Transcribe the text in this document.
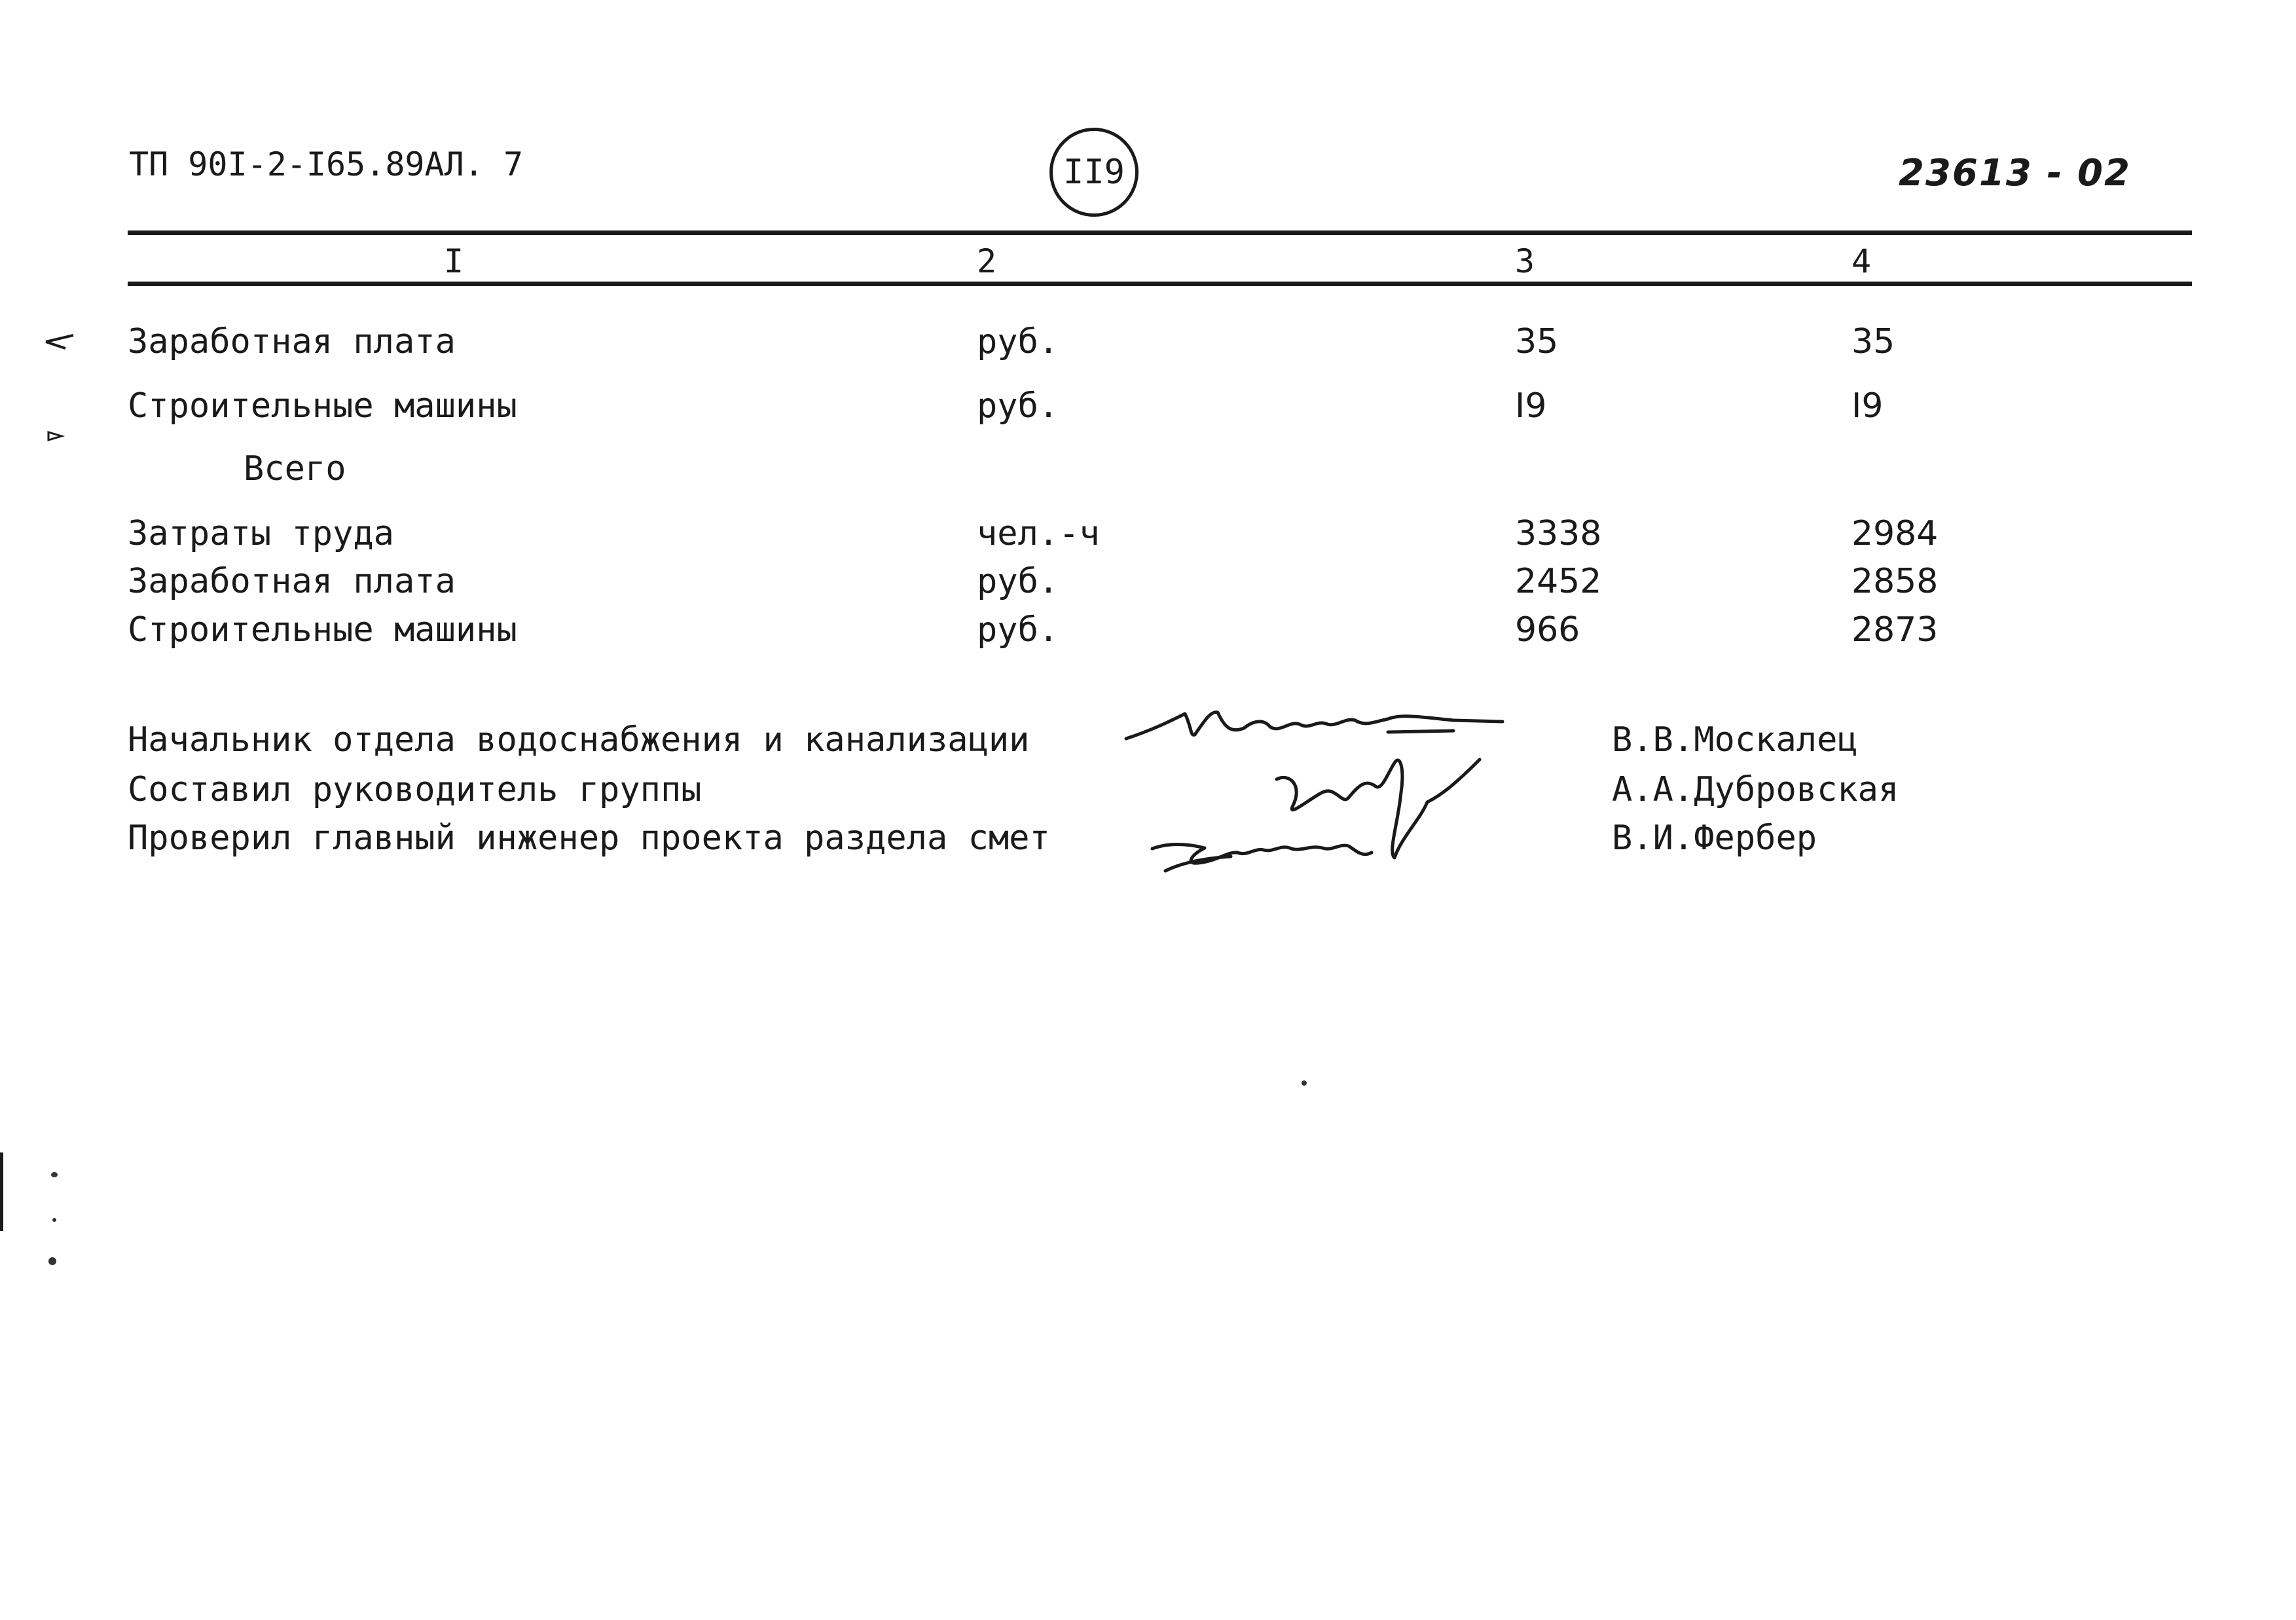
ТП 90I-2-I65.89АЛ. 7	II9	23613 - 02
I	2	3	4
Заработная плата	руб.	35	35
Строительные машины	руб.	I9	I9
Всего
Затраты труда	чел.-ч	3338	2984
Заработная плата	руб.	2452	2858
Строительные машины	руб.	966	2873
Начальник отдела водоснабжения и канализации	В.В.Москалец
Составил руководитель группы	А.А.Дубровская
Проверил главный инженер проекта раздела смет	В.И.Фербер
